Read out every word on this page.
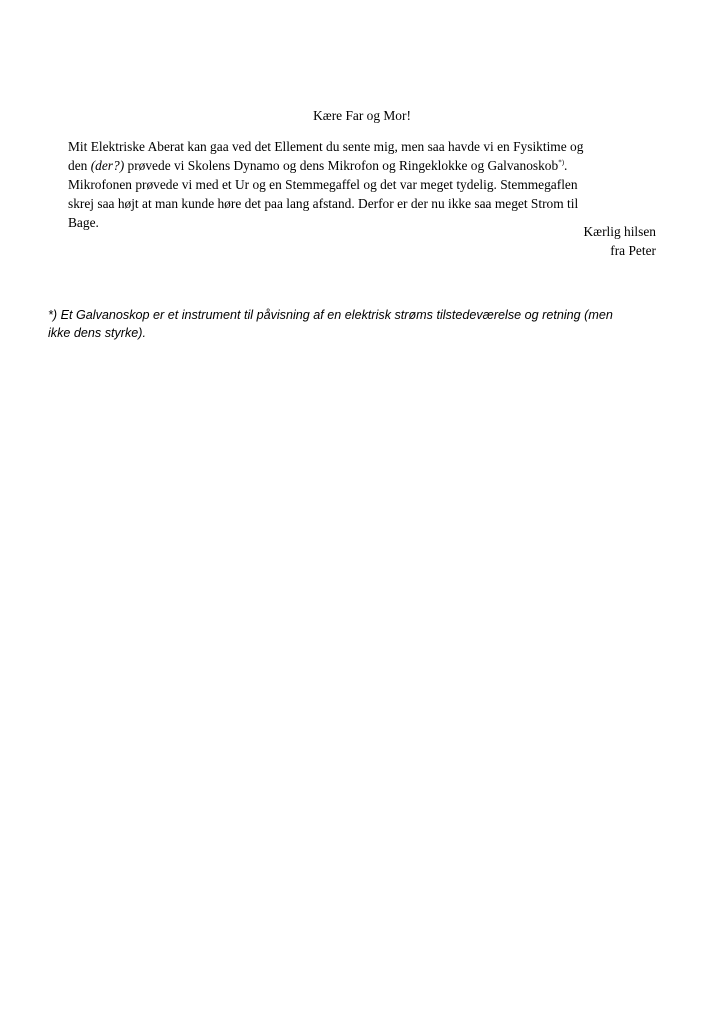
Kære Far og Mor!

Mit Elektriske Aberat kan gaa ved det Ellement du sente mig, men saa havde vi en Fysiktime og
den (der?) prøvede vi Skolens Dynamo og dens Mikrofon og Ringeklokke og Galvanoskob*).
Mikrofonen prøvede vi med et Ur og en Stemmegaffel og det var meget tydelig. Stemmegaflen
skrej saa højt at man kunde høre det paa lang afstand. Derfor er der nu ikke saa meget Strom til
Bage.

Kærlig hilsen
fra Peter
*) Et Galvanoskop er et instrument til påvisning af en elektrisk strøms tilstedeværelse og retning (men
ikke dens styrke).
